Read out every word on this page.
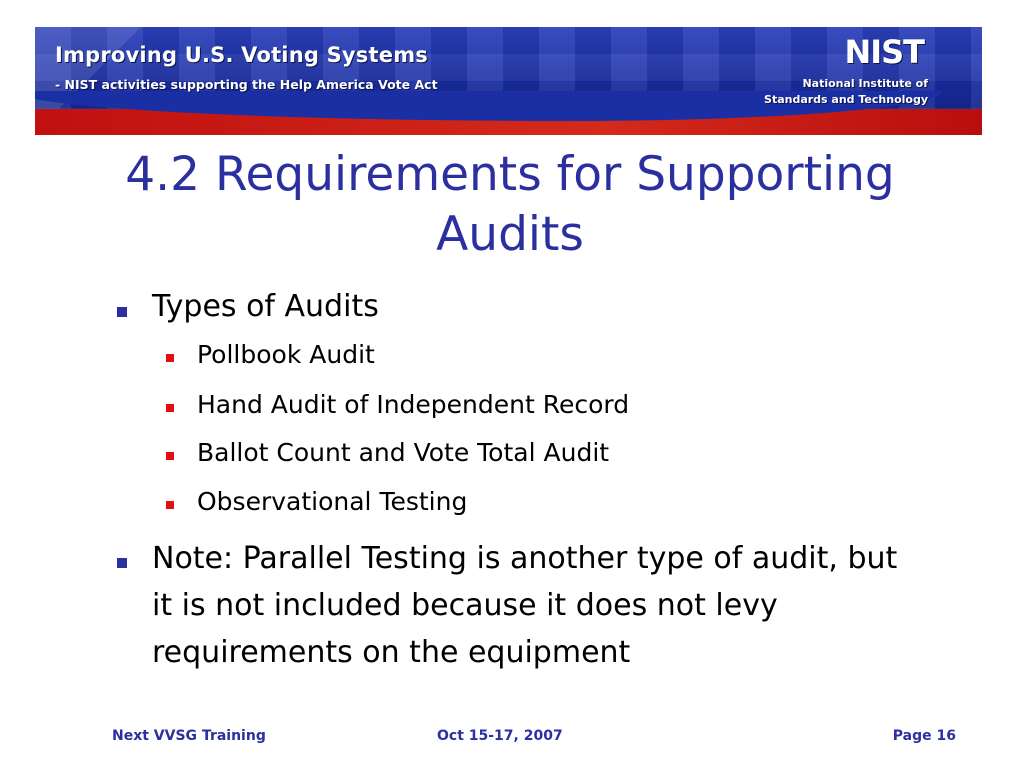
Improving U.S. Voting Systems
- NIST activities supporting the Help America Vote Act
NIST
National Institute of
Standards and Technology
4.2 Requirements for Supporting Audits
Types of Audits
Pollbook Audit
Hand Audit of Independent Record
Ballot Count and Vote Total Audit
Observational Testing
Note: Parallel Testing is another type of audit, but it is not included because it does not levy requirements on the equipment
Next VVSG Training	Oct 15-17, 2007	Page 16
